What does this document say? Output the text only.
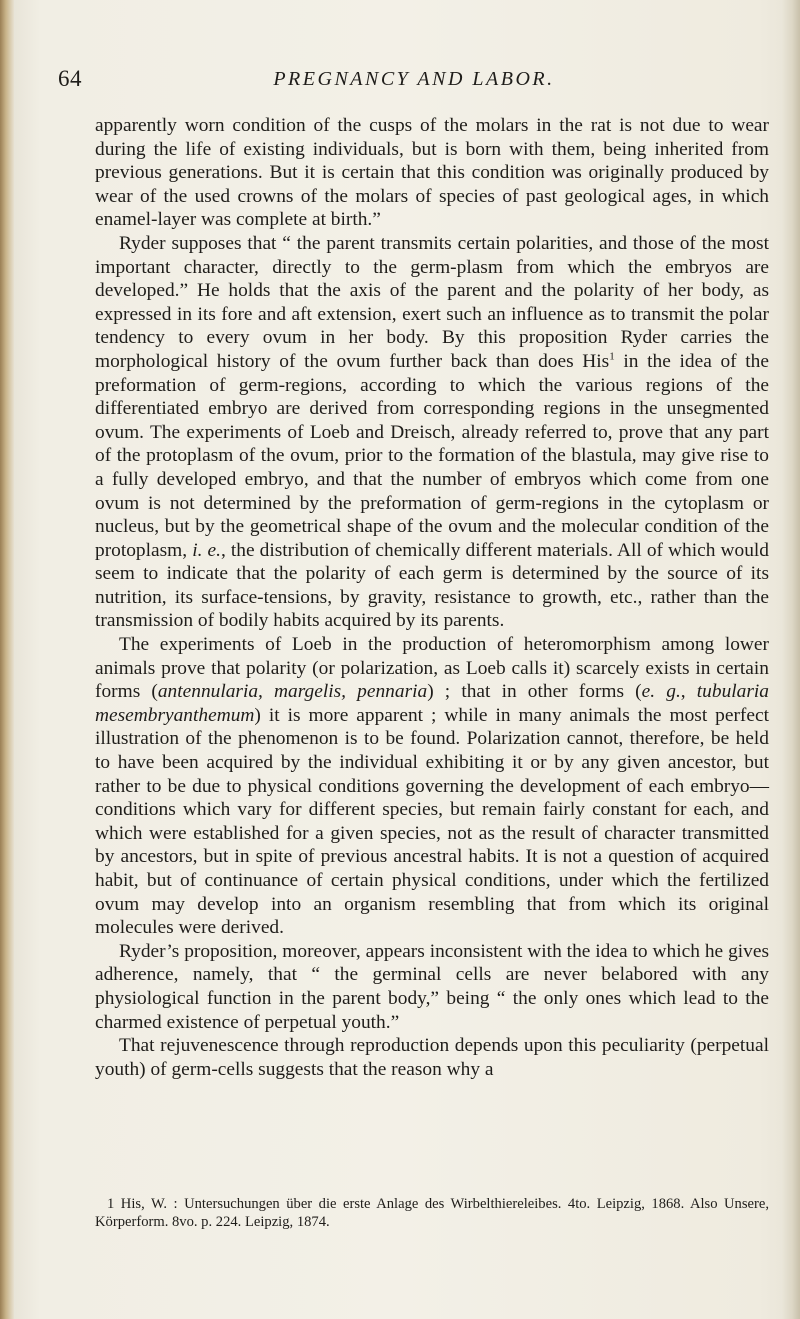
64	PREGNANCY AND LABOR.

apparently worn condition of the cusps of the molars in the rat is not due to wear during the life of existing individuals, but is born with them, being inherited from previous generations. But it is certain that this condition was originally produced by wear of the used crowns of the molars of species of past geological ages, in which enamel-layer was complete at birth.”

Ryder supposes that “ the parent transmits certain polarities, and those of the most important character, directly to the germ-plasm from which the embryos are developed.” He holds that the axis of the parent and the polarity of her body, as expressed in its fore and aft extension, exert such an influence as to transmit the polar tendency to every ovum in her body. By this proposition Ryder carries the morphological history of the ovum further back than does His$^1$ in the idea of the preformation of germ-regions, according to which the various regions of the differentiated embryo are derived from corresponding regions in the unsegmented ovum. The experiments of Loeb and Dreisch, already referred to, prove that any part of the protoplasm of the ovum, prior to the formation of the blastula, may give rise to a fully developed embryo, and that the number of embryos which come from one ovum is not determined by the preformation of germ-regions in the cytoplasm or nucleus, but by the geometrical shape of the ovum and the molecular condition of the protoplasm, i. e., the distribution of chemically different materials. All of which would seem to indicate that the polarity of each germ is determined by the source of its nutrition, its surface-tensions, by gravity, resistance to growth, etc., rather than the transmission of bodily habits acquired by its parents.

The experiments of Loeb in the production of heteromorphism among lower animals prove that polarity (or polarization, as Loeb calls it) scarcely exists in certain forms (antennularia, margelis, pennaria) ; that in other forms (e. g., tubularia mesembryanthemum) it is more apparent ; while in many animals the most perfect illustration of the phenomenon is to be found. Polarization cannot, therefore, be held to have been acquired by the individual exhibiting it or by any given ancestor, but rather to be due to physical conditions governing the development of each embryo—conditions which vary for different species, but remain fairly constant for each, and which were established for a given species, not as the result of character transmitted by ancestors, but in spite of previous ancestral habits. It is not a question of acquired habit, but of continuance of certain physical conditions, under which the fertilized ovum may develop into an organism resembling that from which its original molecules were derived.

Ryder’s proposition, moreover, appears inconsistent with the idea to which he gives adherence, namely, that “ the germinal cells are never belabored with any physiological function in the parent body,” being “ the only ones which lead to the charmed existence of perpetual youth.”

That rejuvenescence through reproduction depends upon this peculiarity (perpetual youth) of germ-cells suggests that the reason why a

1 His, W. : Untersuchungen über die erste Anlage des Wirbelthiereleibes. 4to. Leipzig, 1868. Also Unsere, Körperform. 8vo. p. 224. Leipzig, 1874.
